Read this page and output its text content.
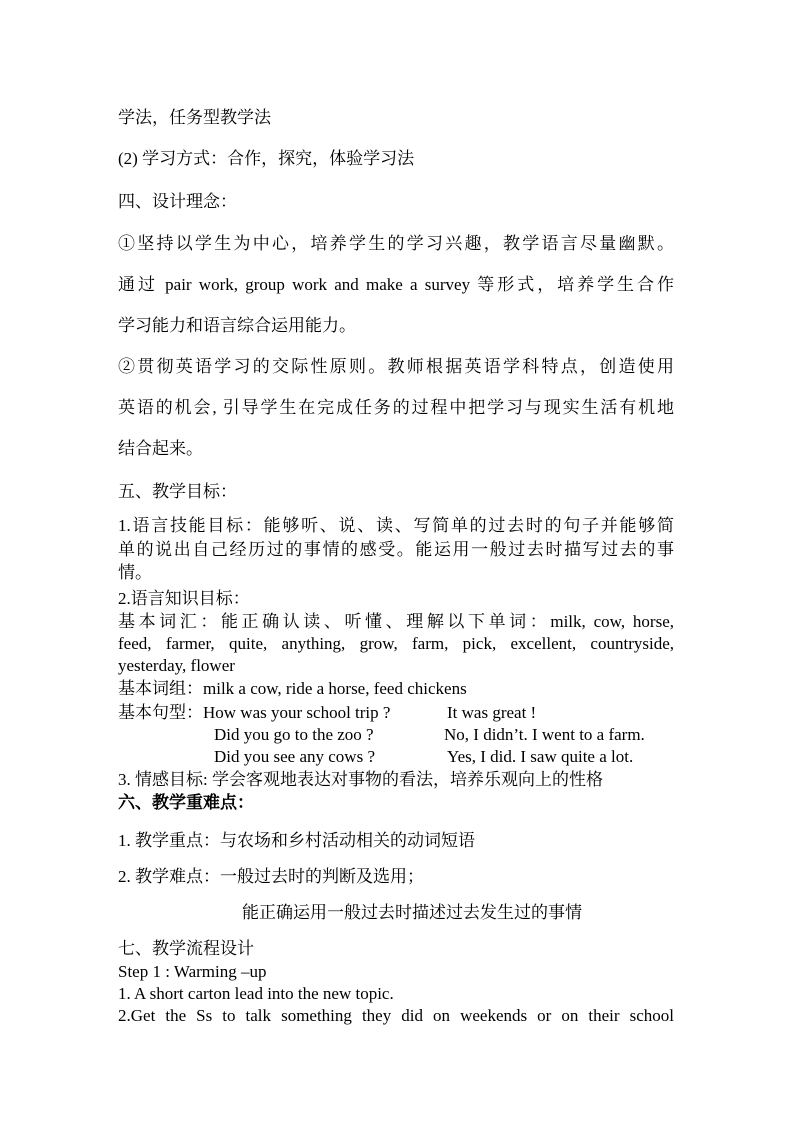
学法，任务型教学法
(2) 学习方式：合作，探究，体验学习法
四、设计理念：
①坚持以学生为中心，培养学生的学习兴趣，教学语言尽量幽默。
通过 pair work, group work and make a survey 等形式，培养学生合作
学习能力和语言综合运用能力。
②贯彻英语学习的交际性原则。教师根据英语学科特点，创造使用
英语的机会, 引导学生在完成任务的过程中把学习与现实生活有机地
结合起来。
五、教学目标：
1.语言技能目标：能够听、说、读、写简单的过去时的句子并能够简
单的说出自己经历过的事情的感受。能运用一般过去时描写过去的事
情。
2.语言知识目标：
基本词汇：能正确认读、听懂、理解以下单词：milk, cow, horse,
feed, farmer, quite, anything, grow, farm, pick, excellent, countryside,
yesterday, flower
基本词组：milk a cow, ride a horse, feed chickens
基本句型：How was your school trip ?	It was great !
Did you go to the zoo ?	No, I didn’t. I went to a farm.
Did you see any cows ?	Yes, I did. I saw quite a lot.
3. 情感目标: 学会客观地表达对事物的看法，培养乐观向上的性格
六、教学重难点：
1. 教学重点：与农场和乡村活动相关的动词短语
2. 教学难点：一般过去时的判断及选用；
能正确运用一般过去时描述过去发生过的事情
七、教学流程设计
Step 1 : Warming –up
1. A short carton lead into the new topic.
2.Get the Ss to talk something they did on weekends or on their school
